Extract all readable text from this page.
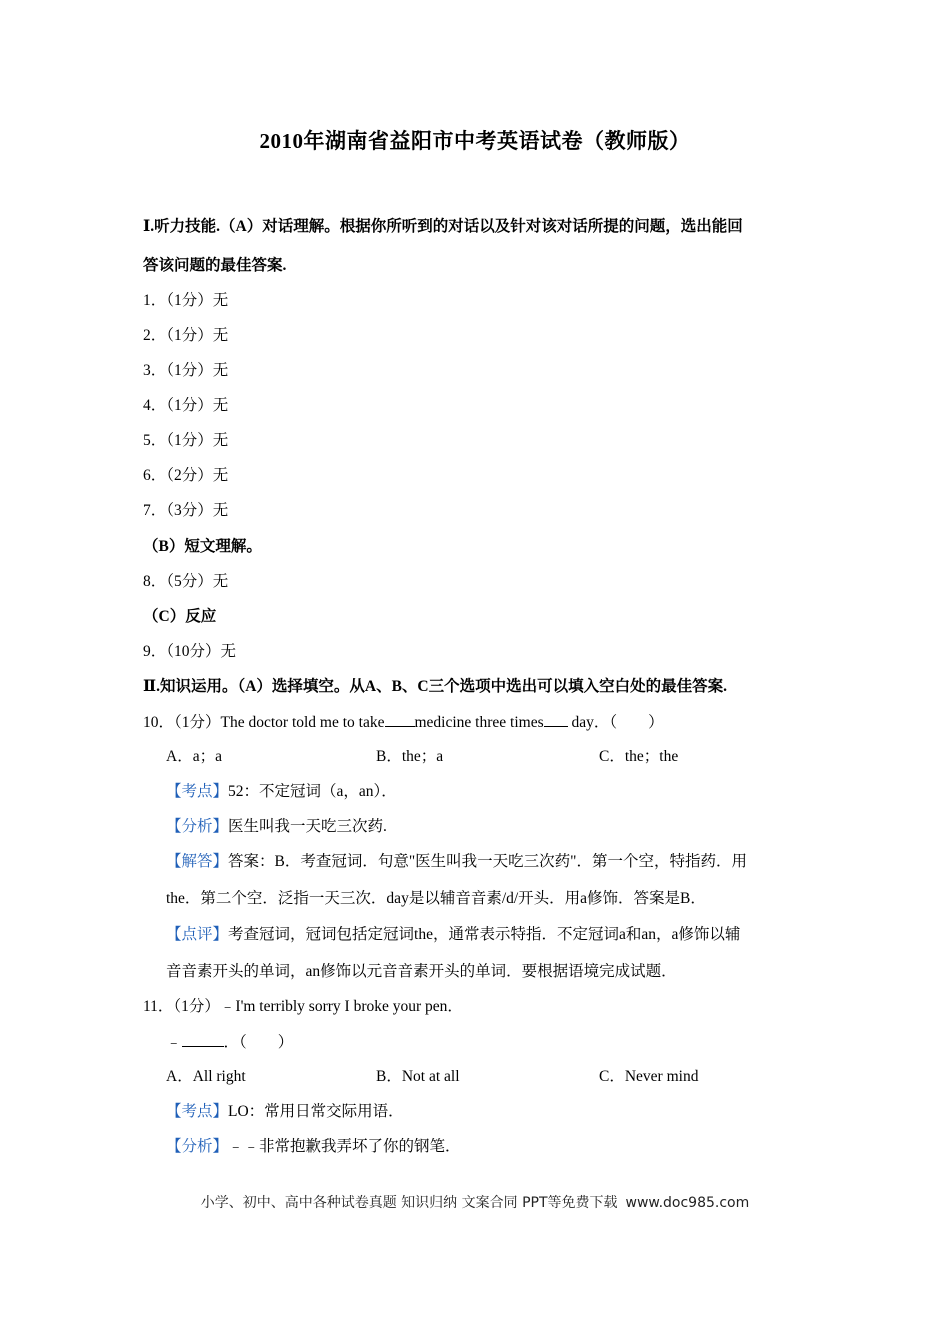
2010年湖南省益阳市中考英语试卷（教师版）
Ⅰ.听力技能.（A）对话理解。根据你所听到的对话以及针对该对话所提的问题，选出能回
答该问题的最佳答案.
1．（1分）无
2．（1分）无
3．（1分）无
4．（1分）无
5．（1分）无
6．（2分）无
7．（3分）无
（B）短文理解。
8．（5分）无
（C）反应
9．（10分）无
Ⅱ.知识运用。（A）选择填空。从A、B、C三个选项中选出可以填入空白处的最佳答案.
10．（1分）The doctor told me to take medicine three times day．（　　）
A．a；a	B．the；a	C．the；the
【考点】52：不定冠词（a，an）．
【分析】医生叫我一天吃三次药.
【解答】答案：B．考查冠词．句意"医生叫我一天吃三次药"．第一个空，特指药．用
the．第二个空．泛指一天三次．day是以辅音音素/d/开头．用a修饰．答案是B．
【点评】考查冠词，冠词包括定冠词the，通常表示特指．不定冠词a和an，a修饰以辅
音音素开头的单词，an修饰以元音音素开头的单词．要根据语境完成试题．
11．（1分）﹣I'm terribly sorry I broke your pen．
﹣	．（　　）
A．All right	B．Not at all	C．Never mind
【考点】LO：常用日常交际用语．
【分析】﹣﹣非常抱歉我弄坏了你的钢笔．
小学、初中、高中各种试卷真题 知识归纳 文案合同 PPT等免费下载 www.doc985.com
